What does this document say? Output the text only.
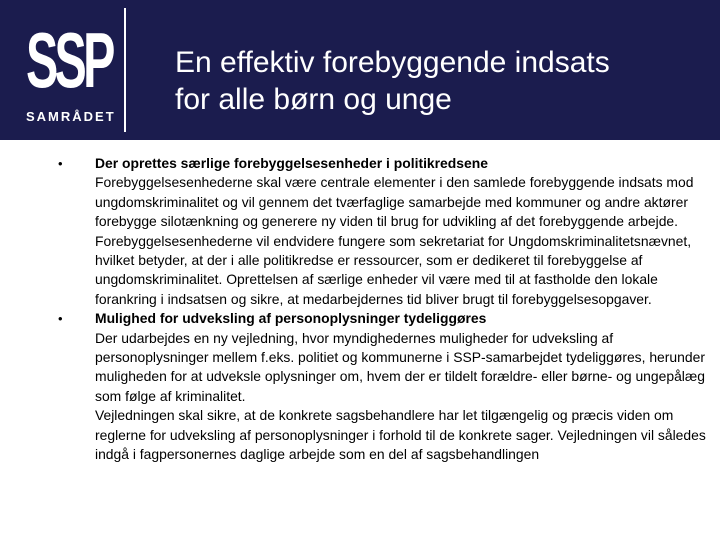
SSP
SAMRÅDET
En effektiv forebyggende indsats
for alle børn og unge
•	Der oprettes særlige forebyggelsesenheder i politikredsene
Forebyggelsesenhederne skal være centrale elementer i den samlede forebyggende indsats mod ungdomskriminalitet og vil gennem det tværfaglige samarbejde med kommuner og andre aktører forebygge silotænkning og generere ny viden til brug for udvikling af det forebyggende arbejde.
Forebyggelsesenhederne vil endvidere fungere som sekretariat for Ungdomskriminalitetsnævnet, hvilket betyder, at der i alle politikredse er ressourcer, som er dedikeret til forebyggelse af ungdomskriminalitet. Oprettelsen af særlige enheder vil være med til at fastholde den lokale forankring i indsatsen og sikre, at medarbejdernes tid bliver brugt til forebyggelsesopgaver.
•	Mulighed for udveksling af personoplysninger tydeliggøres
Der udarbejdes en ny vejledning, hvor myndighedernes muligheder for udveksling af personoplysninger mellem f.eks. politiet og kommunerne i SSP-samarbejdet tydeliggøres, herunder muligheden for at udveksle oplysninger om, hvem der er tildelt forældre- eller børne- og ungepålæg som følge af kriminalitet.
Vejledningen skal sikre, at de konkrete sagsbehandlere har let tilgængelig og præcis viden om reglerne for udveksling af personoplysninger i forhold til de konkrete sager. Vejledningen vil således indgå i fagpersonernes daglige arbejde som en del af sagsbehandlingen
